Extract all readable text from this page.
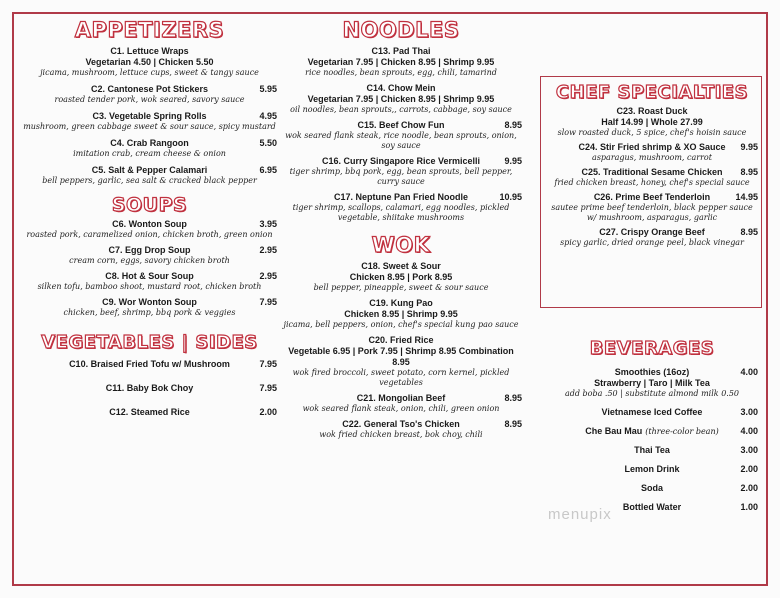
menupix
APPETIZERS
C1. Lettuce Wraps
Vegetarian 4.50 | Chicken 5.50
jicama, mushroom, lettuce cups, sweet & tangy sauce
C2. Cantonese Pot Stickers	5.95
roasted tender pork, wok seared, savory sauce
C3. Vegetable Spring Rolls	4.95
mushroom, green cabbage sweet & sour sauce, spicy mustard
C4. Crab Rangoon	5.50
imitation crab, cream cheese & onion
C5. Salt & Pepper Calamari	6.95
bell peppers, garlic, sea salt & cracked black pepper
SOUPS
C6. Wonton Soup	3.95
roasted pork, caramelized onion, chicken broth, green onion
C7. Egg Drop Soup	2.95
cream corn, eggs, savory chicken broth
C8. Hot & Sour Soup	2.95
silken tofu, bamboo shoot, mustard root, chicken broth
C9. Wor Wonton Soup	7.95
chicken, beef, shrimp, bbq pork & veggies
VEGETABLES | SIDES
C10. Braised Fried Tofu w/ Mushroom	7.95
C11. Baby Bok Choy	7.95
C12. Steamed Rice	2.00
NOODLES
C13. Pad Thai
Vegetarian 7.95 | Chicken 8.95 | Shrimp 9.95
rice noodles, bean sprouts, egg, chili, tamarind
C14. Chow Mein
Vegetarian 7.95 | Chicken 8.95 | Shrimp 9.95
oil noodles, bean sprouts,, carrots, cabbage, soy sauce
C15. Beef Chow Fun	8.95
wok seared flank steak, rice noodle, bean sprouts, onion, soy sauce
C16. Curry Singapore Rice Vermicelli	9.95
tiger shrimp, bbq pork, egg, bean sprouts, bell pepper, curry sauce
C17. Neptune Pan Fried Noodle	10.95
tiger shrimp, scallops, calamari, egg noodles, pickled vegetable, shiitake mushrooms
WOK
C18. Sweet & Sour
Chicken 8.95 | Pork 8.95
bell pepper, pineapple, sweet & sour sauce
C19. Kung Pao
Chicken 8.95 | Shrimp 9.95
jicama, bell peppers, onion, chef's special kung pao sauce
C20. Fried Rice
Vegetable 6.95 | Pork 7.95 | Shrimp 8.95 Combination 8.95
wok fired broccoli, sweet potato, corn kernel, pickled vegetables
C21. Mongolian Beef	8.95
wok seared flank steak, onion, chili, green onion
C22. General Tso's Chicken	8.95
wok fried chicken breast, bok choy, chili
CHEF SPECIALTIES
C23. Roast Duck
Half 14.99 | Whole 27.99
slow roasted duck, 5 spice, chef's hoisin sauce
C24. Stir Fried shrimp & XO Sauce 9.95
asparagus, mushroom, carrot
C25. Traditional Sesame Chicken 8.95
fried chicken breast, honey, chef's special sauce
C26. Prime Beef Tenderloin	14.95
sautee prime beef tenderloin, black pepper sauce w/ mushroom, asparagus, garlic
C27. Crispy Orange Beef	8.95
spicy garlic, dried orange peel, black vinegar
BEVERAGES
Smoothies (16oz)	4.00
Strawberry | Taro | Milk Tea
add boba .50 | substitute almond milk 0.50
Vietnamese Iced Coffee	3.00
Che Bau Mau (three-color bean) 4.00
Thai Tea	3.00
Lemon Drink	2.00
Soda	2.00
Bottled Water	1.00
